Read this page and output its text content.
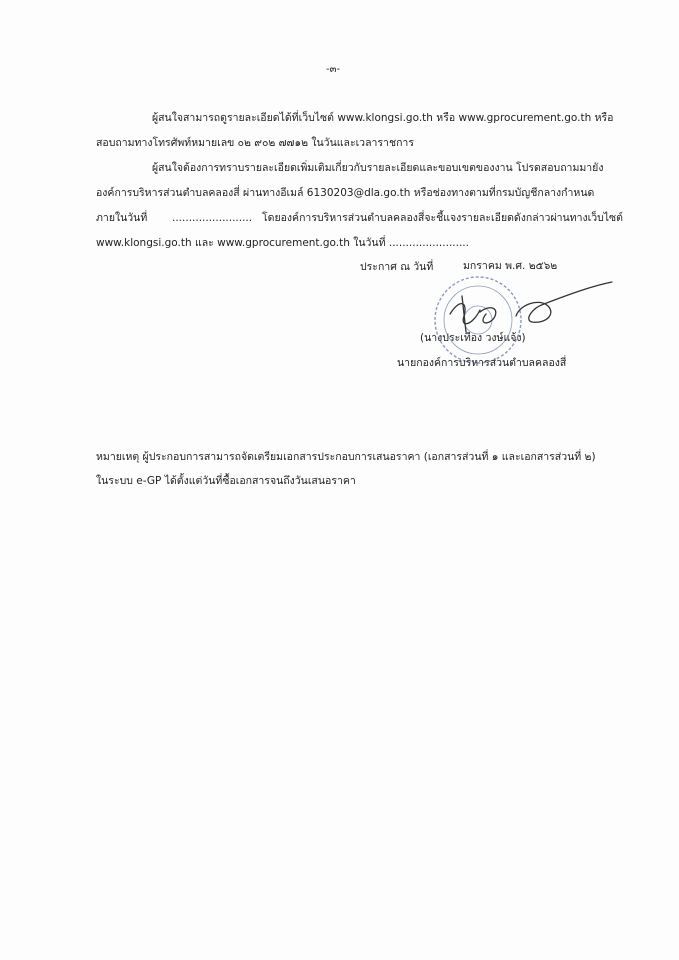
-๓-
ผู้สนใจสามารถดูรายละเอียดได้ที่เว็บไซต์ www.klongsi.go.th หรือ www.gprocurement.go.th หรือ
สอบถามทางโทรศัพท์หมายเลข ๐๒ ๙๐๒ ๗๗๑๒ ในวันและเวลาราชการ
ผู้สนใจต้องการทราบรายละเอียดเพิ่มเติมเกี่ยวกับรายละเอียดและขอบเขตของงาน โปรดสอบถามมายัง
องค์การบริหารส่วนตำบลคลองสี่ ผ่านทางอีเมล์ 6130203@dla.go.th หรือช่องทางตามที่กรมบัญชีกลางกำหนด
ภายในวันที่ ........................ โดยองค์การบริหารส่วนตำบลคลองสี่จะชี้แจงรายละเอียดดังกล่าวผ่านทางเว็บไซต์
www.klongsi.go.th และ www.gprocurement.go.th ในวันที่ ........................
ประกาศ ณ วันที่	มกราคม พ.ศ. ๒๕๖๒
(นางประเทือง วงษ์แจ้ง)
นายกองค์การบริหารส่วนตำบลคลองสี่
หมายเหตุ ผู้ประกอบการสามารถจัดเตรียมเอกสารประกอบการเสนอราคา (เอกสารส่วนที่ ๑ และเอกสารส่วนที่ ๒)
ในระบบ e-GP ได้ตั้งแต่วันที่ซื้อเอกสารจนถึงวันเสนอราคา
